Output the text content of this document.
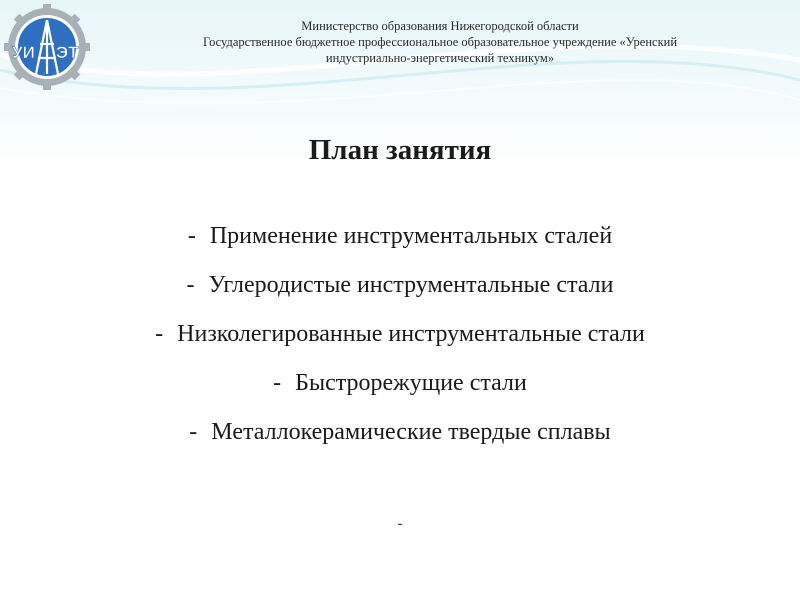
УИ ЭТ
Министерство образования Нижегородской области
Государственное бюджетное профессиональное образовательное учреждение «Уренский
индустриально-энергетический техникум»
План занятия
- Применение инструментальных сталей
- Углеродистые инструментальные стали
- Низколегированные инструментальные стали
- Быстрорежущие стали
- Металлокерамические твердые сплавы
-
